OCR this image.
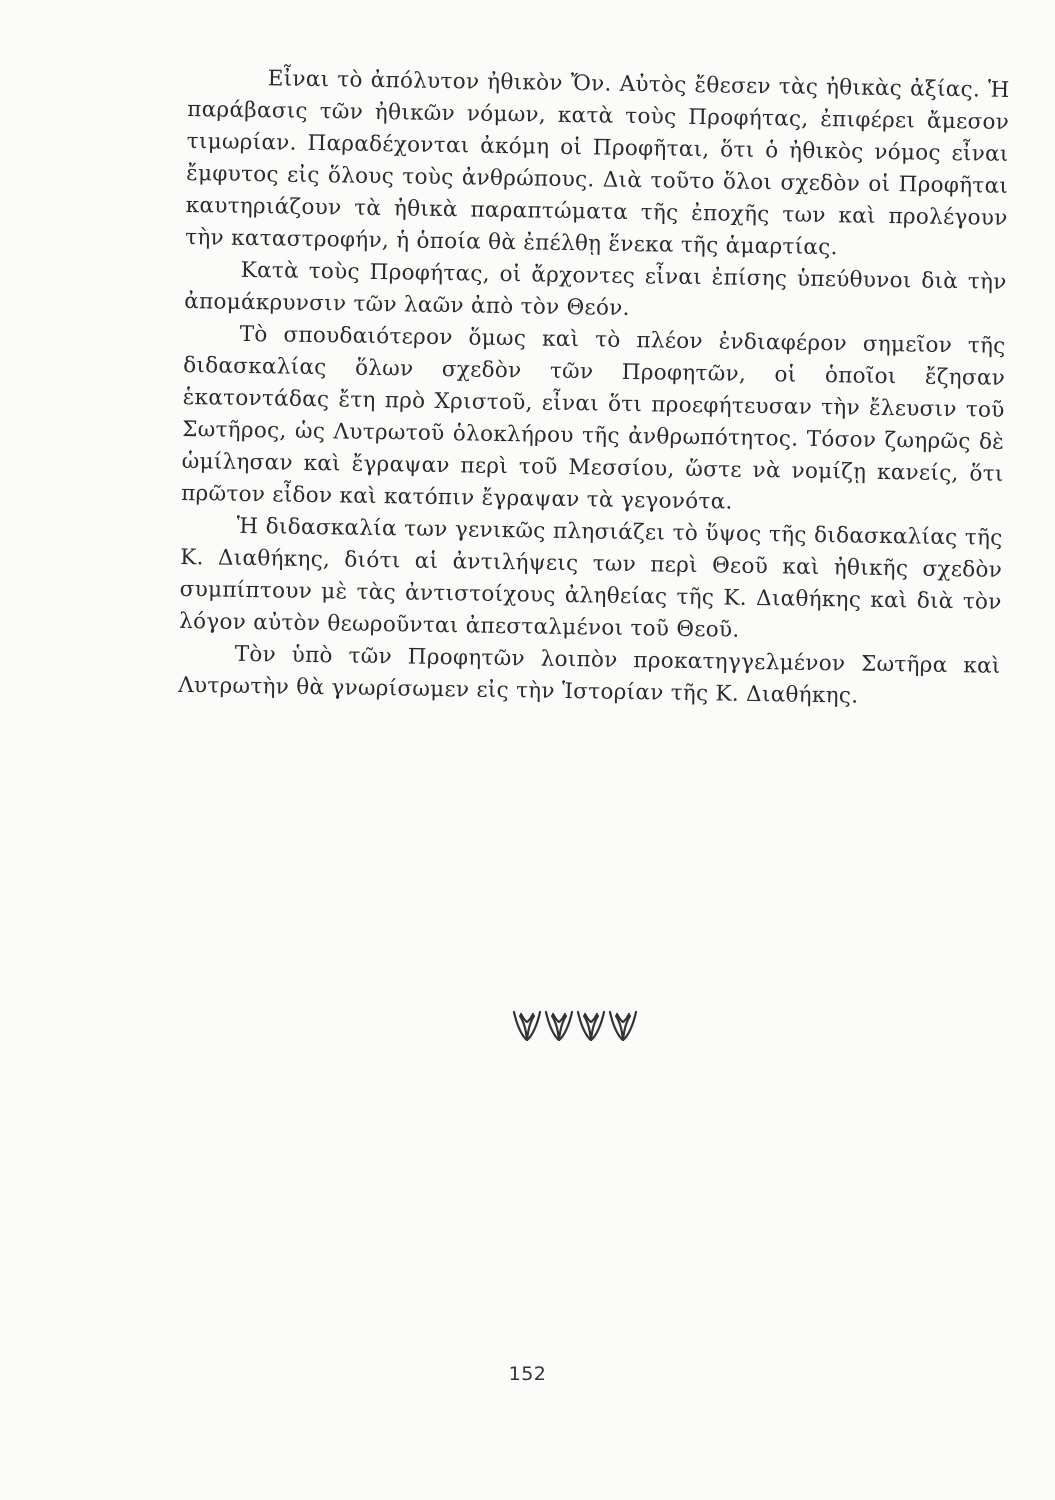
Εἶναι τὸ ἀπόλυτον ἠθικὸν Ὄν. Αὐτὸς ἔθεσεν τὰς ἠθικὰς ἀξίας. Ἡ παράβασις τῶν ἠθικῶν νόμων, κατὰ τοὺς Προφήτας, ἐπιφέρει ἄμεσον τιμωρίαν. Παραδέχονται ἀκόμη οἱ Προφῆται, ὅτι ὁ ἠθικὸς νόμος εἶναι ἔμφυτος εἰς ὅλους τοὺς ἀνθρώπους. Διὰ τοῦτο ὅλοι σχεδὸν οἱ Προφῆται καυτηριάζουν τὰ ἠθικὰ παραπτώματα τῆς ἐποχῆς των καὶ προλέγουν τὴν καταστροφήν, ἡ ὁποία θὰ ἐπέλθῃ ἕνεκα τῆς ἁμαρτίας.

Κατὰ τοὺς Προφήτας, οἱ ἄρχοντες εἶναι ἐπίσης ὑπεύθυνοι διὰ τὴν ἀπομάκρυνσιν τῶν λαῶν ἀπὸ τὸν Θεόν.

Τὸ σπουδαιότερον ὅμως καὶ τὸ πλέον ἐνδιαφέρον σημεῖον τῆς διδασκαλίας ὅλων σχεδὸν τῶν Προφητῶν, οἱ ὁποῖοι ἔζησαν ἑκατοντάδας ἔτη πρὸ Χριστοῦ, εἶναι ὅτι προεφήτευσαν τὴν ἔλευσιν τοῦ Σωτῆρος, ὡς Λυτρωτοῦ ὁλοκλήρου τῆς ἀνθρωπότητος. Τόσον ζωηρῶς δὲ ὡμίλησαν καὶ ἔγραψαν περὶ τοῦ Μεσσίου, ὥστε νὰ νομίζῃ κανείς, ὅτι πρῶτον εἶδον καὶ κατόπιν ἔγραψαν τὰ γεγονότα.

Ἡ διδασκαλία των γενικῶς πλησιάζει τὸ ὕψος τῆς διδασκαλίας τῆς Κ. Διαθήκης, διότι αἱ ἀντιλήψεις των περὶ Θεοῦ καὶ ἠθικῆς σχεδὸν συμπίπτουν μὲ τὰς ἀντιστοίχους ἀληθείας τῆς Κ. Διαθήκης καὶ διὰ τὸν λόγον αὐτὸν θεωροῦνται ἀπεσταλμένοι τοῦ Θεοῦ.

Τὸν ὑπὸ τῶν Προφητῶν λοιπὸν προκατηγγελμένον Σωτῆρα καὶ Λυτρωτὴν θὰ γνωρίσωμεν εἰς τὴν Ἱστορίαν τῆς Κ. Διαθήκης.

152
